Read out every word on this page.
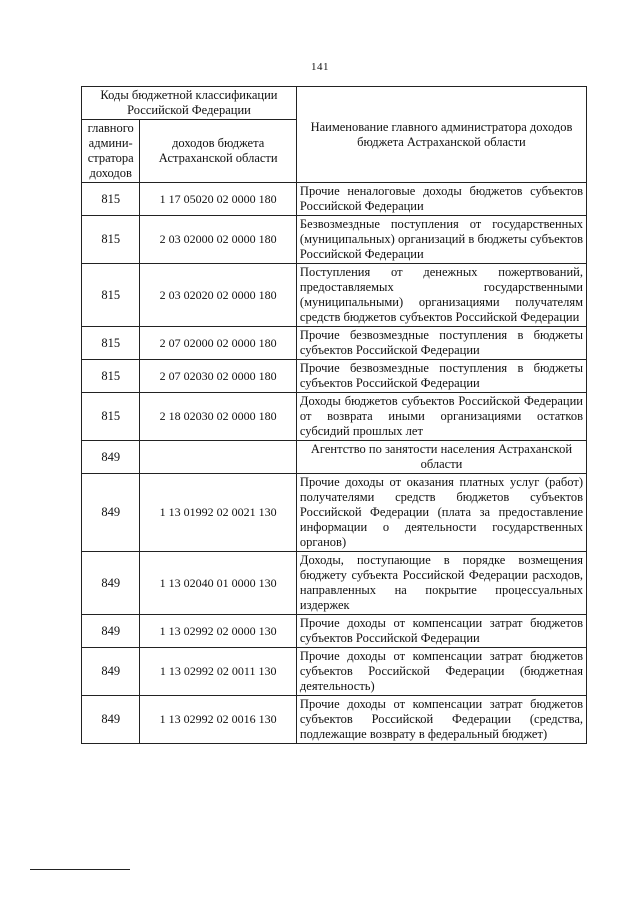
141
Коды бюджетной классификации Российской Федерации		Наименование главного администратора доходов бюджета Астраханской области
главного админи-стратора доходов	доходов бюджета Астраханской области	
815	1 17 05020 02 0000 180	Прочие неналоговые доходы бюджетов субъектов Российской Федерации
815	2 03 02000 02 0000 180	Безвозмездные поступления от государственных (муниципальных) организаций в бюджеты субъектов Российской Федерации
815	2 03 02020 02 0000 180	Поступления от денежных пожертвований, предоставляемых государственными (муниципальными) организациями получателям средств бюджетов субъектов Российской Федерации
815	2 07 02000 02 0000 180	Прочие безвозмездные поступления в бюджеты субъектов Российской Федерации
815	2 07 02030 02 0000 180	Прочие безвозмездные поступления в бюджеты субъектов Российской Федерации
815	2 18 02030 02 0000 180	Доходы бюджетов субъектов Российской Федерации от возврата иными организациями остатков субсидий прошлых лет
849		Агентство по занятости населения Астраханской области
849	1 13 01992 02 0021 130	Прочие доходы от оказания платных услуг (работ) получателями средств бюджетов субъектов Российской Федерации (плата за предоставление информации о деятельности государственных органов)
849	1 13 02040 01 0000 130	Доходы, поступающие в порядке возмещения бюджету субъекта Российской Федерации расходов, направленных на покрытие процессуальных издержек
849	1 13 02992 02 0000 130	Прочие доходы от компенсации затрат бюджетов субъектов Российской Федерации
849	1 13 02992 02 0011 130	Прочие доходы от компенсации затрат бюджетов субъектов Российской Федерации (бюджетная деятельность)
849	1 13 02992 02 0016 130	Прочие доходы от компенсации затрат бюджетов субъектов Российской Федерации (средства, подлежащие возврату в федеральный бюджет)
